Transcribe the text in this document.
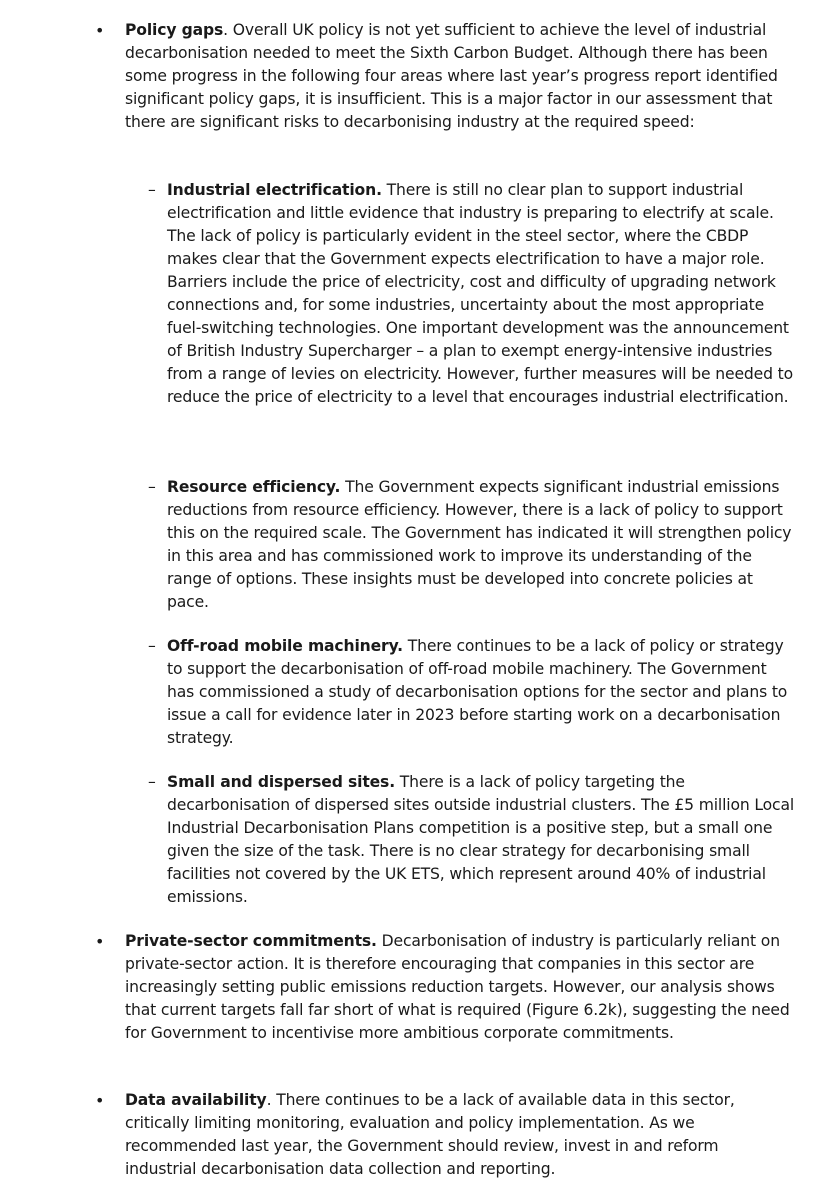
• Policy gaps. Overall UK policy is not yet sufficient to achieve the level of industrial decarbonisation needed to meet the Sixth Carbon Budget. Although there has been some progress in the following four areas where last year’s progress report identified significant policy gaps, it is insufficient. This is a major factor in our assessment that there are significant risks to decarbonising industry at the required speed:

– Industrial electrification. There is still no clear plan to support industrial electrification and little evidence that industry is preparing to electrify at scale. The lack of policy is particularly evident in the steel sector, where the CBDP makes clear that the Government expects electrification to have a major role. Barriers include the price of electricity, cost and difficulty of upgrading network connections and, for some industries, uncertainty about the most appropriate fuel-switching technologies. One important development was the announcement of British Industry Supercharger – a plan to exempt energy-intensive industries from a range of levies on electricity. However, further measures will be needed to reduce the price of electricity to a level that encourages industrial electrification.

– Resource efficiency. The Government expects significant industrial emissions reductions from resource efficiency. However, there is a lack of policy to support this on the required scale. The Government has indicated it will strengthen policy in this area and has commissioned work to improve its understanding of the range of options. These insights must be developed into concrete policies at pace.

– Off-road mobile machinery. There continues to be a lack of policy or strategy to support the decarbonisation of off-road mobile machinery. The Government has commissioned a study of decarbonisation options for the sector and plans to issue a call for evidence later in 2023 before starting work on a decarbonisation strategy.

– Small and dispersed sites. There is a lack of policy targeting the decarbonisation of dispersed sites outside industrial clusters. The £5 million Local Industrial Decarbonisation Plans competition is a positive step, but a small one given the size of the task. There is no clear strategy for decarbonising small facilities not covered by the UK ETS, which represent around 40% of industrial emissions.

• Private-sector commitments. Decarbonisation of industry is particularly reliant on private-sector action. It is therefore encouraging that companies in this sector are increasingly setting public emissions reduction targets. However, our analysis shows that current targets fall far short of what is required (Figure 6.2k), suggesting the need for Government to incentivise more ambitious corporate commitments.

• Data availability. There continues to be a lack of available data in this sector, critically limiting monitoring, evaluation and policy implementation. As we recommended last year, the Government should review, invest in and reform industrial decarbonisation data collection and reporting.
